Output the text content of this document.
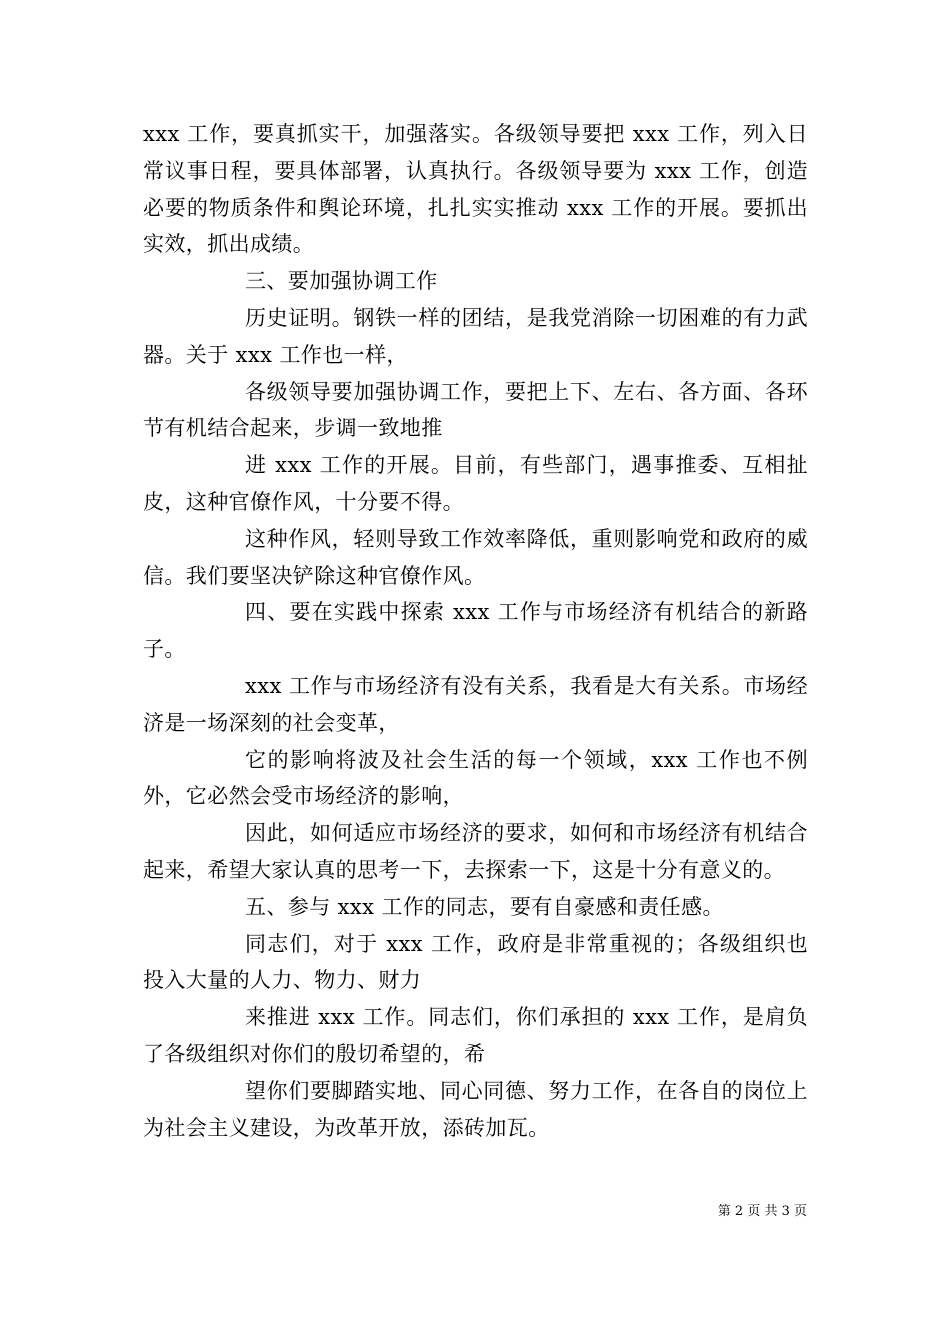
xxx 工作，要真抓实干，加强落实。各级领导要把 xxx 工作，列入日常议事日程，要具体部署，认真执行。各级领导要为 xxx 工作，创造必要的物质条件和舆论环境，扎扎实实推动 xxx 工作的开展。要抓出实效，抓出成绩。

三、要加强协调工作

历史证明。钢铁一样的团结，是我党消除一切困难的有力武器。关于 xxx 工作也一样，

各级领导要加强协调工作，要把上下、左右、各方面、各环节有机结合起来，步调一致地推

进 xxx 工作的开展。目前，有些部门，遇事推委、互相扯皮，这种官僚作风，十分要不得。

这种作风，轻则导致工作效率降低，重则影响党和政府的威信。我们要坚决铲除这种官僚作风。

四、要在实践中探索 xxx 工作与市场经济有机结合的新路子。

xxx 工作与市场经济有没有关系，我看是大有关系。市场经济是一场深刻的社会变革，

它的影响将波及社会生活的每一个领域，xxx 工作也不例外，它必然会受市场经济的影响，

因此，如何适应市场经济的要求，如何和市场经济有机结合起来，希望大家认真的思考一下，去探索一下，这是十分有意义的。

五、参与 xxx 工作的同志，要有自豪感和责任感。

同志们，对于 xxx 工作，政府是非常重视的；各级组织也投入大量的人力、物力、财力

来推进 xxx 工作。同志们，你们承担的 xxx 工作，是肩负了各级组织对你们的殷切希望的，希

望你们要脚踏实地、同心同德、努力工作，在各自的岗位上为社会主义建设，为改革开放，添砖加瓦。

第 2 页 共 3 页
